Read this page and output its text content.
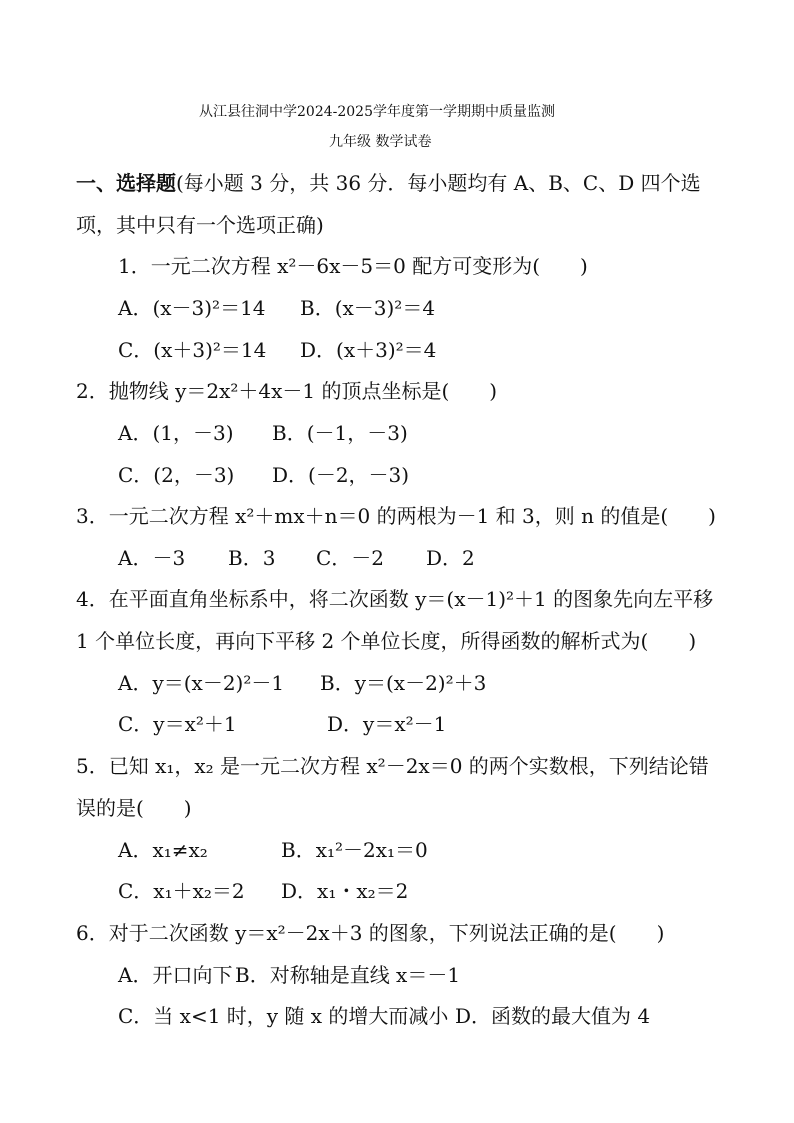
从江县往洞中学2024-2025学年度第一学期期中质量监测
九年级 数学试卷
一、选择题(每小题 3 分，共 36 分．每小题均有 A、B、C、D 四个选
项，其中只有一个选项正确)
1．一元二次方程 x²－6x－5＝0 配方可变形为(　　)
A．(x－3)²＝14 B．(x－3)²＝4
C．(x＋3)²＝14 D．(x＋3)²＝4
2．抛物线 y＝2x²＋4x－1 的顶点坐标是(　　)
A．(1，－3) B．(－1，－3)
C．(2，－3) D．(－2，－3)
3．一元二次方程 x²＋mx＋n＝0 的两根为－1 和 3，则 n 的值是(　　)
A．－3 B．3 C．－2 D．2
4．在平面直角坐标系中，将二次函数 y＝(x－1)²＋1 的图象先向左平移
1 个单位长度，再向下平移 2 个单位长度，所得函数的解析式为(　　)
A．y＝(x－2)²－1 B．y＝(x－2)²＋3
C．y＝x²＋1	D．y＝x²－1
5．已知 x₁，x₂ 是一元二次方程 x²－2x＝0 的两个实数根，下列结论错
误的是(　　)
A．x₁≠x₂	B．x₁²－2x₁＝0
C．x₁＋x₂＝2 D．x₁・x₂＝2
6．对于二次函数 y＝x²－2x＋3 的图象，下列说法正确的是(　　)
A．开口向下 B．对称轴是直线 x＝－1
C．当 x<1 时，y 随 x 的增大而减小 D．函数的最大值为 4
